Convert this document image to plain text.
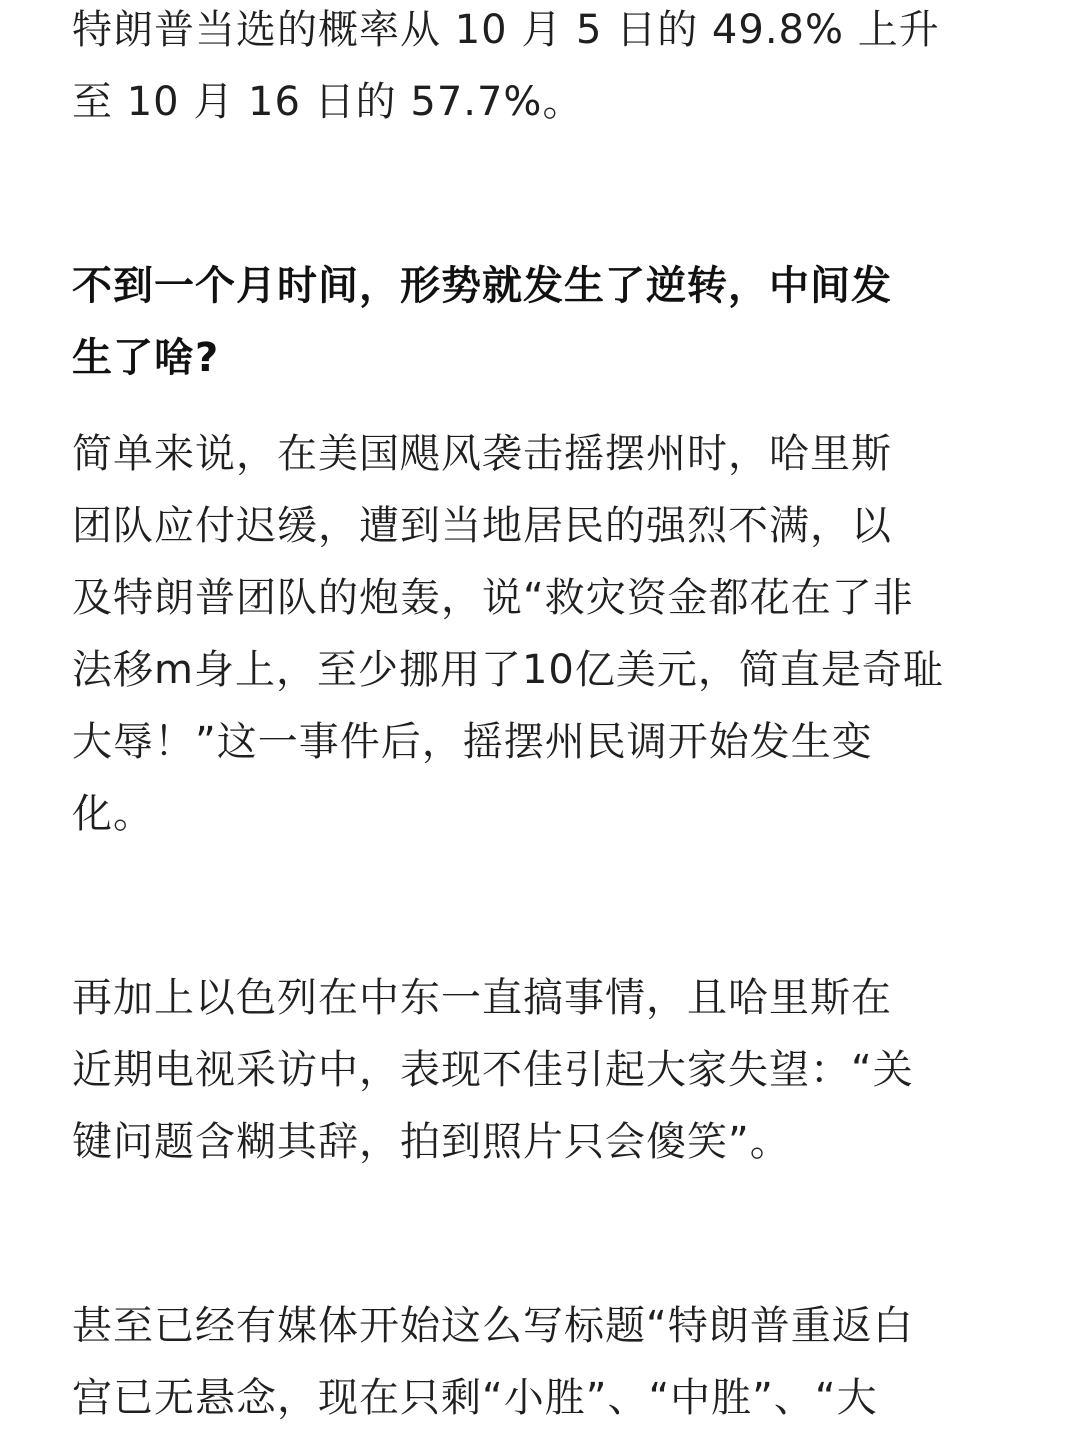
特朗普当选的概率从 10 月 5 日的 49.8% 上升
至 10 月 16 日的 57.7%。

不到一个月时间，形势就发生了逆转，中间发
生了啥?

简单来说，在美国飓风袭击摇摆州时，哈里斯
团队应付迟缓，遭到当地居民的强烈不满，以
及特朗普团队的炮轰，说“救灾资金都花在了非
法移m身上，至少挪用了10亿美元，简直是奇耻
大辱！”这一事件后，摇摆州民调开始发生变
化。

再加上以色列在中东一直搞事情，且哈里斯在
近期电视采访中，表现不佳引起大家失望：“关
键问题含糊其辞，拍到照片只会傻笑”。

甚至已经有媒体开始这么写标题“特朗普重返白
宫已无悬念，现在只剩“小胜”、“中胜”、“大
